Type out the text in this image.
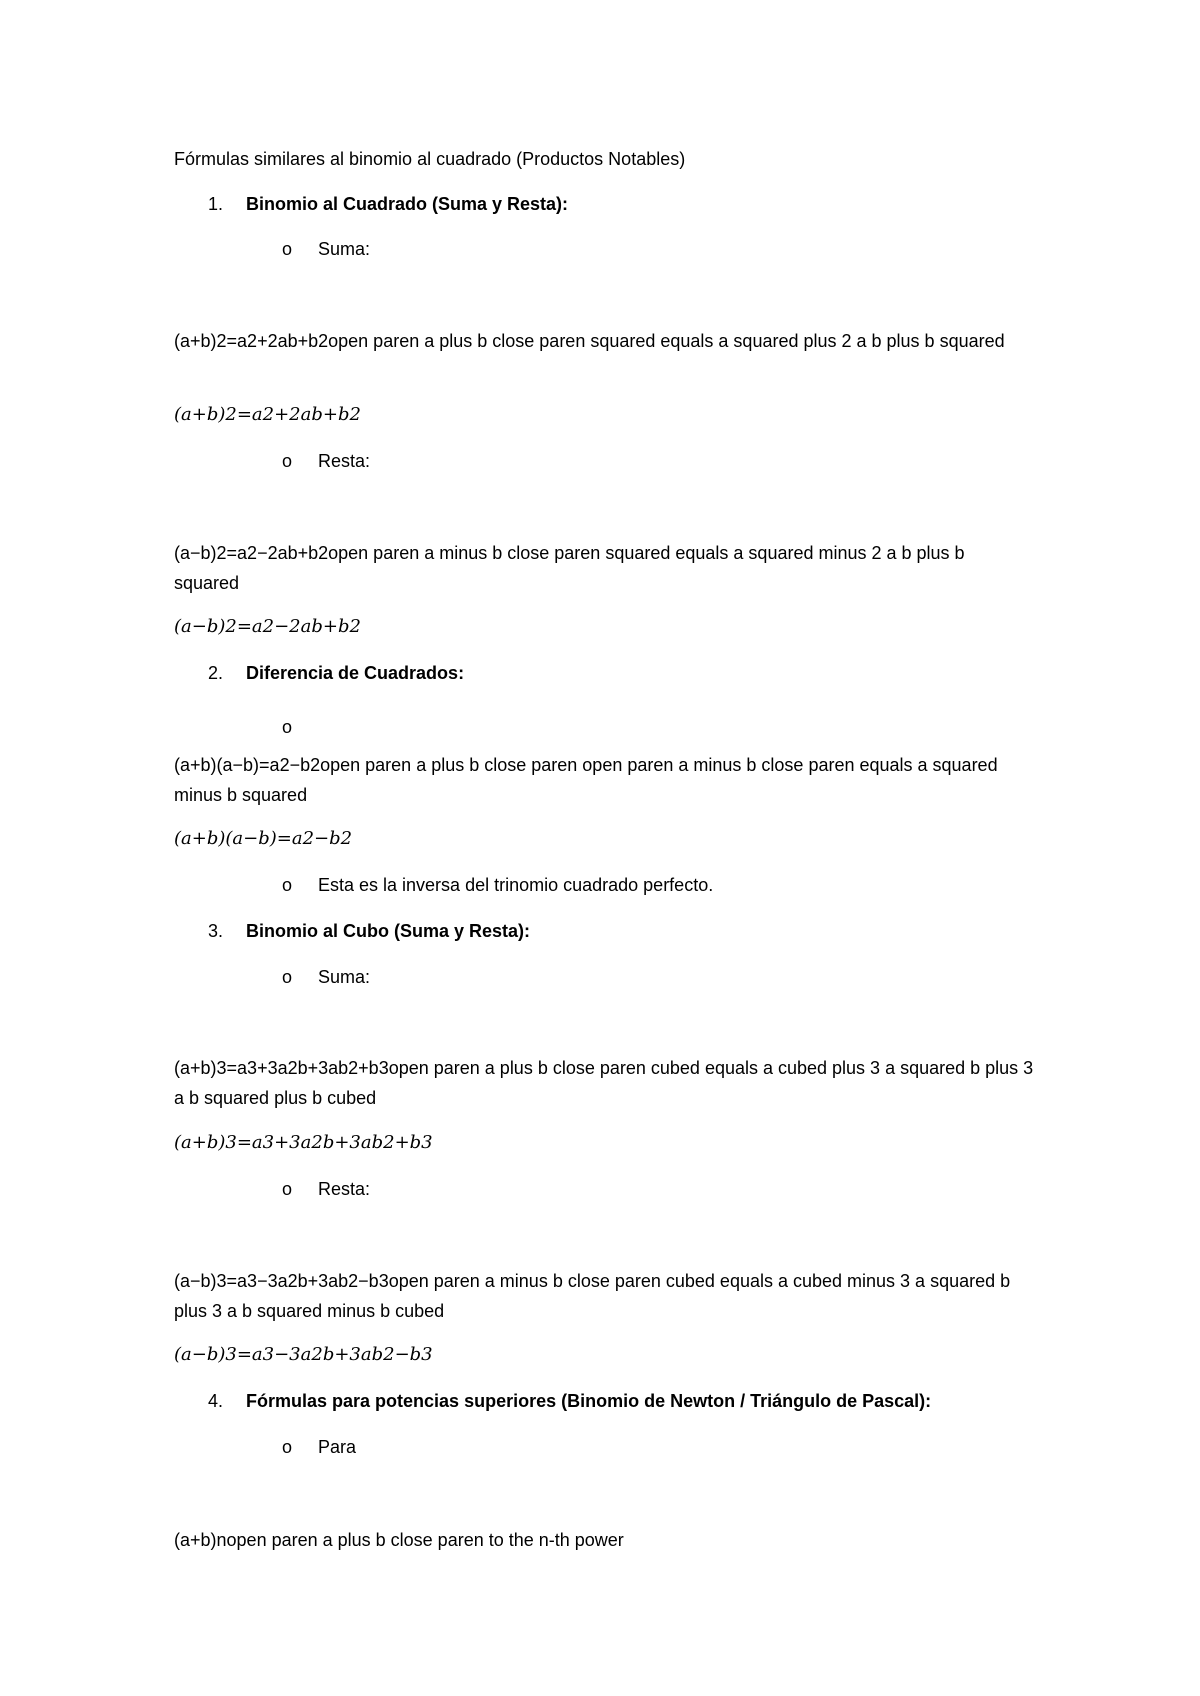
Fórmulas similares al binomio al cuadrado (Productos Notables)
1. Binomio al Cuadrado (Suma y Resta):
o Suma:
(a+b)2=a2+2ab+b2open paren a plus b close paren squared equals a squared plus 2 a b plus b squared
(𝑎+𝑏)2=𝑎2+2𝑎𝑏+𝑏2
o Resta:
(a−b)2=a2−2ab+b2open paren a minus b close paren squared equals a squared minus 2 a b plus b squared
(𝑎−𝑏)2=𝑎2−2𝑎𝑏+𝑏2
2. Diferencia de Cuadrados:
o
(a+b)(a−b)=a2−b2open paren a plus b close paren open paren a minus b close paren equals a squared minus b squared
(𝑎+𝑏)(𝑎−𝑏)=𝑎2−𝑏2
o Esta es la inversa del trinomio cuadrado perfecto.
3. Binomio al Cubo (Suma y Resta):
o Suma:
(a+b)3=a3+3a2b+3ab2+b3open paren a plus b close paren cubed equals a cubed plus 3 a squared b plus 3 a b squared plus b cubed
(𝑎+𝑏)3=𝑎3+3𝑎2𝑏+3𝑎𝑏2+𝑏3
o Resta:
(a−b)3=a3−3a2b+3ab2−b3open paren a minus b close paren cubed equals a cubed minus 3 a squared b plus 3 a b squared minus b cubed
(𝑎−𝑏)3=𝑎3−3𝑎2𝑏+3𝑎𝑏2−𝑏3
4. Fórmulas para potencias superiores (Binomio de Newton / Triángulo de Pascal):
o Para
(a+b)nopen paren a plus b close paren to the n-th power
